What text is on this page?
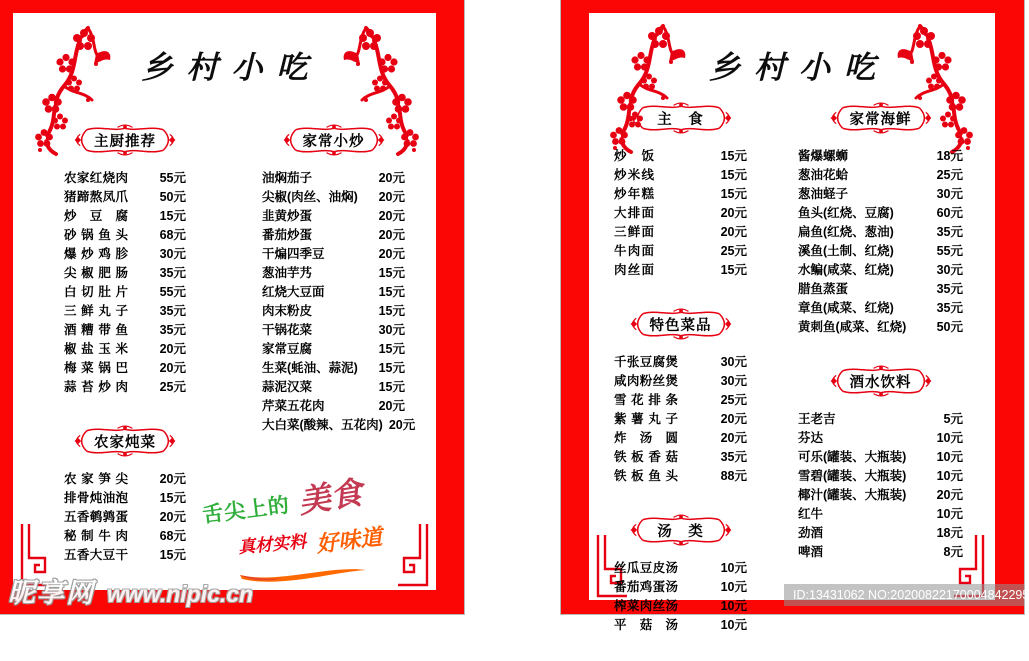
乡村小吃
主厨推荐
农家红烧肉	55元
猪蹄熬凤爪	50元
炒豆腐	15元
砂锅鱼头	68元
爆炒鸡胗	30元
尖椒肥肠	35元
白切肚片	55元
三鲜丸子	35元
酒糟带鱼	35元
椒盐玉米	20元
梅菜锅巴	20元
蒜苔炒肉	25元
农家炖菜
农家笋尖	20元
排骨炖油泡	15元
五香鹌鹑蛋	20元
秘制牛肉	68元
五香大豆干	15元
家常小炒
油焖茄子	20元
尖椒(肉丝、油焖) 20元
韭黄炒蛋	20元
番茄炒蛋	20元
干煸四季豆	20元
葱油芋艿	15元
红烧大豆面	15元
肉末粉皮	15元
干锅花菜	30元
家常豆腐	15元
生菜(蚝油、蒜泥) 15元
蒜泥汉菜	15元
芹菜五花肉	20元
大白菜(酸辣、五花肉) 20元
舌尖上的 美食
真材实料 好味道
乡村小吃
主　食
炒饭	15元
炒米线	15元
炒年糕	15元
大排面	20元
三鲜面	20元
牛肉面	25元
肉丝面	15元
特色菜品
千张豆腐煲	30元
咸肉粉丝煲	30元
雪花排条	25元
紫薯丸子	20元
炸汤圆	20元
铁板香菇	35元
铁板鱼头	88元
汤　类
丝瓜豆皮汤	10元
番茄鸡蛋汤	10元
榨菜肉丝汤	10元
平菇汤	10元
家常海鲜
酱爆螺蛳	18元
葱油花蛤	25元
葱油蛏子	30元
鱼头(红烧、豆腐)	60元
扁鱼(红烧、葱油)	35元
溪鱼(土制、红烧)	55元
水鳊(咸菜、红烧)	30元
腊鱼蒸蛋	35元
章鱼(咸菜、红烧)	35元
黄刺鱼(咸菜、红烧) 50元
酒水饮料
王老吉	5元
芬达	10元
可乐(罐装、大瓶装) 10元
雪碧(罐装、大瓶装) 10元
椰汁(罐装、大瓶装) 20元
红牛	10元
劲酒	18元
啤酒	8元
昵享网 www.nipic.cn	ID:13431062 NO:20200822170004842295
